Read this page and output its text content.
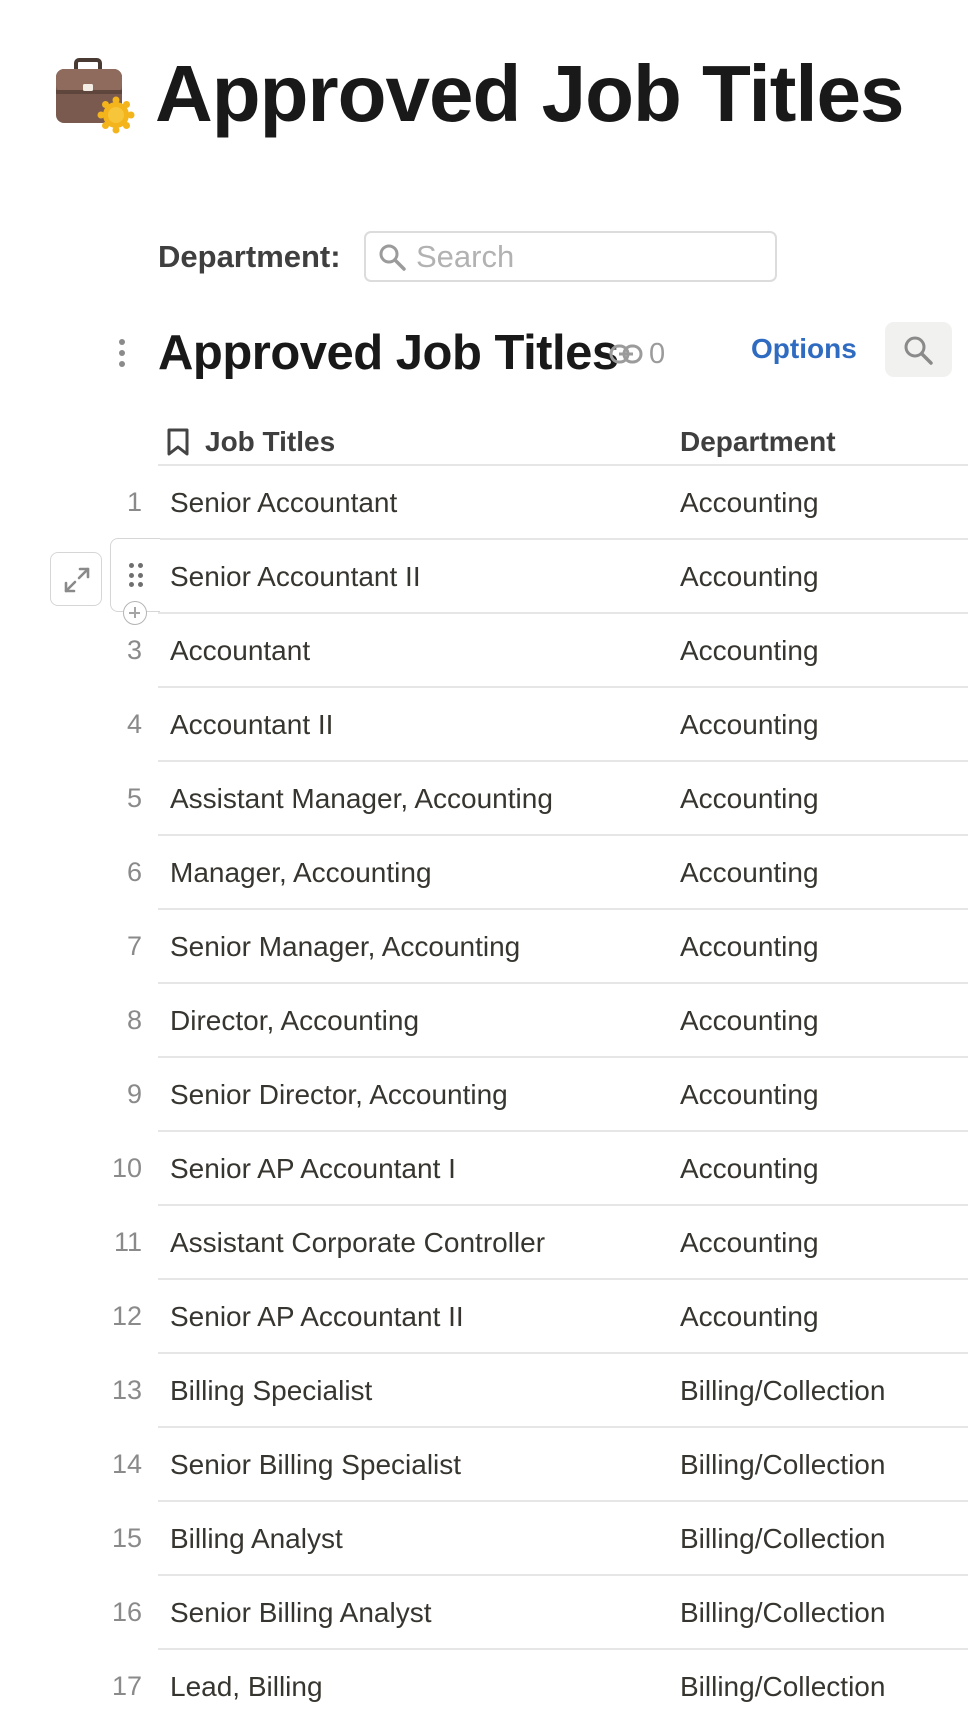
Approved Job Titles
Department:
Search
Approved Job Titles 0	Options
Job Titles	Department
1 Senior Accountant	Accounting
Senior Accountant II	Accounting
3 Accountant	Accounting
4 Accountant II	Accounting
5 Assistant Manager, Accounting	Accounting
6 Manager, Accounting	Accounting
7 Senior Manager, Accounting	Accounting
8 Director, Accounting	Accounting
9 Senior Director, Accounting	Accounting
10 Senior AP Accountant I	Accounting
11 Assistant Corporate Controller	Accounting
12 Senior AP Accountant II	Accounting
13 Billing Specialist	Billing/Collection
14 Senior Billing Specialist	Billing/Collection
15 Billing Analyst	Billing/Collection
16 Senior Billing Analyst	Billing/Collection
17 Lead, Billing	Billing/Collection
